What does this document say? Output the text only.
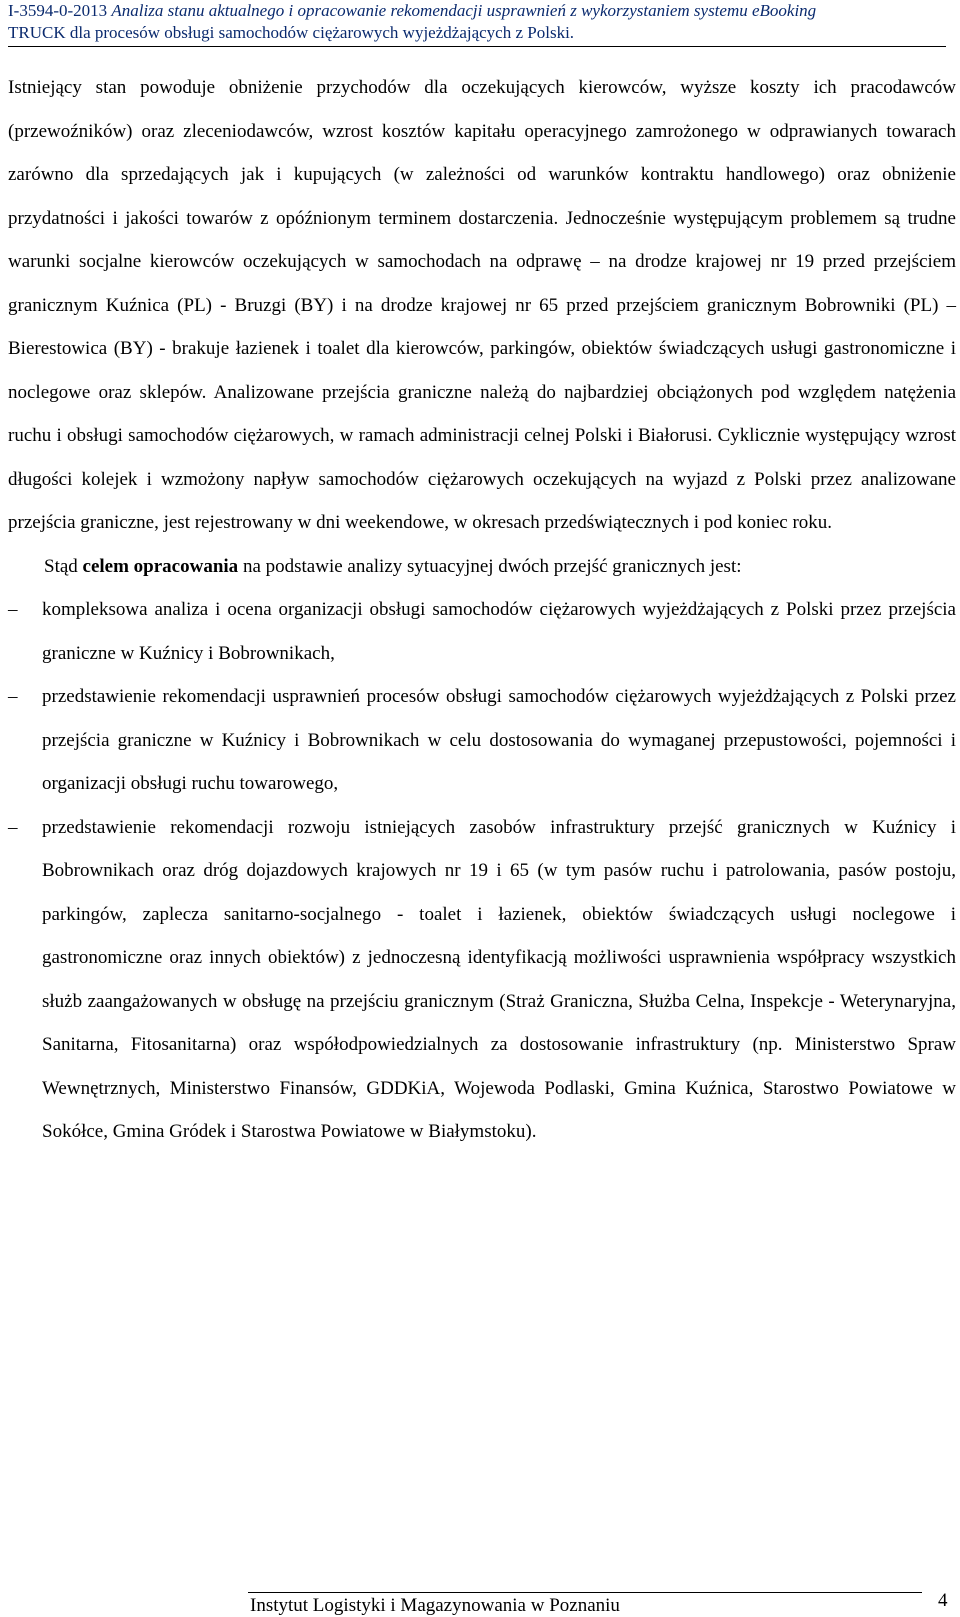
I-3594-0-2013 Analiza stanu aktualnego i opracowanie rekomendacji usprawnień z wykorzystaniem systemu eBooking
TRUCK dla procesów obsługi samochodów ciężarowych wyjeżdżających z Polski.

Istniejący stan powoduje obniżenie przychodów dla oczekujących kierowców, wyższe koszty ich pracodawców (przewoźników) oraz zleceniodawców, wzrost kosztów kapitału operacyjnego zamrożonego w odprawianych towarach zarówno dla sprzedających jak i kupujących (w zależności od warunków kontraktu handlowego) oraz obniżenie przydatności i jakości towarów z opóźnionym terminem dostarczenia. Jednocześnie występującym problemem są trudne warunki socjalne kierowców oczekujących w samochodach na odprawę – na drodze krajowej nr 19 przed przejściem granicznym Kuźnica (PL) - Bruzgi (BY) i na drodze krajowej nr 65 przed przejściem granicznym Bobrowniki (PL) – Bierestowica (BY) - brakuje łazienek i toalet dla kierowców, parkingów, obiektów świadczących usługi gastronomiczne i noclegowe oraz sklepów. Analizowane przejścia graniczne należą do najbardziej obciążonych pod względem natężenia ruchu i obsługi samochodów ciężarowych, w ramach administracji celnej Polski i Białorusi. Cyklicznie występujący wzrost długości kolejek i wzmożony napływ samochodów ciężarowych oczekujących na wyjazd z Polski przez analizowane przejścia graniczne, jest rejestrowany w dni weekendowe, w okresach przedświątecznych i pod koniec roku.

Stąd celem opracowania na podstawie analizy sytuacyjnej dwóch przejść granicznych jest:

– kompleksowa analiza i ocena organizacji obsługi samochodów ciężarowych wyjeżdżających z Polski przez przejścia graniczne w Kuźnicy i Bobrownikach,
– przedstawienie rekomendacji usprawnień procesów obsługi samochodów ciężarowych wyjeżdżających z Polski przez przejścia graniczne w Kuźnicy i Bobrownikach w celu dostosowania do wymaganej przepustowości, pojemności i organizacji obsługi ruchu towarowego,
– przedstawienie rekomendacji rozwoju istniejących zasobów infrastruktury przejść granicznych w Kuźnicy i Bobrownikach oraz dróg dojazdowych krajowych nr 19 i 65 (w tym pasów ruchu i patrolowania, pasów postoju, parkingów, zaplecza sanitarno-socjalnego - toalet i łazienek, obiektów świadczących usługi noclegowe i gastronomiczne oraz innych obiektów) z jednoczesną identyfikacją możliwości usprawnienia współpracy wszystkich służb zaangażowanych w obsługę na przejściu granicznym (Straż Graniczna, Służba Celna, Inspekcje - Weterynaryjna, Sanitarna, Fitosanitarna) oraz współodpowiedzialnych za dostosowanie infrastruktury (np. Ministerstwo Spraw Wewnętrznych, Ministerstwo Finansów, GDDKiA, Wojewoda Podlaski, Gmina Kuźnica, Starostwo Powiatowe w Sokółce, Gmina Gródek i Starostwa Powiatowe w Białymstoku).
Instytut Logistyki i Magazynowania w Poznaniu	4
